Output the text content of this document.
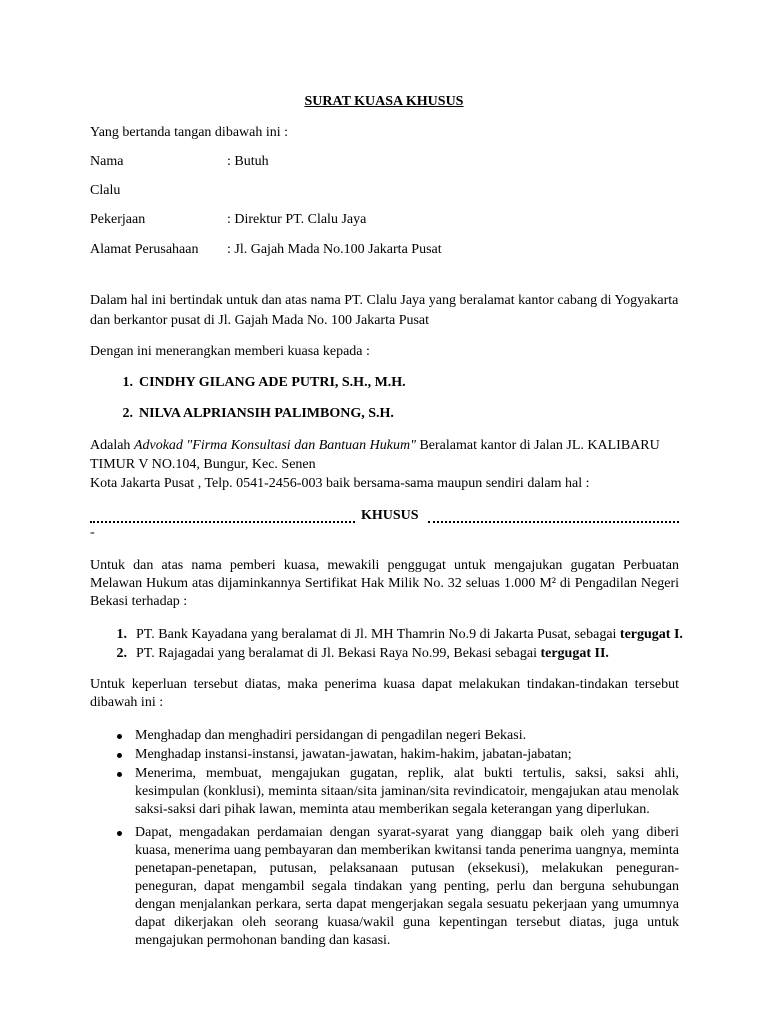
SURAT KUASA KHUSUS
Yang bertanda tangan dibawah ini :
Nama	: Butuh
Clalu
Pekerjaan	: Direktur PT. Clalu Jaya
Alamat Perusahaan : Jl. Gajah Mada No.100 Jakarta Pusat
Dalam hal ini bertindak untuk dan atas nama PT. Clalu Jaya yang beralamat kantor cabang di Yogyakarta
dan berkantor pusat di Jl. Gajah Mada No. 100 Jakarta Pusat
Dengan ini menerangkan memberi kuasa kepada :
1. CINDHY GILANG ADE PUTRI, S.H., M.H.
2. NILVA ALPRIANSIH PALIMBONG, S.H.
Adalah Advokad "Firma Konsultasi dan Bantuan Hukum" Beralamat kantor di Jalan JL. KALIBARU
TIMUR V NO.104, Bungur, Kec. Senen
Kota Jakarta Pusat , Telp. 0541-2456-003 baik bersama-sama maupun sendiri dalam hal :
KHUSUS
-
Untuk dan atas nama pemberi kuasa, mewakili penggugat untuk mengajukan gugatan Perbuatan Melawan Hukum atas dijaminkannya Sertifikat Hak Milik No. 32 seluas 1.000 M² di Pengadilan Negeri Bekasi terhadap :
1. PT. Bank Kayadana yang beralamat di Jl. MH Thamrin No.9 di Jakarta Pusat, sebagai tergugat I.
2. PT. Rajagadai yang beralamat di Jl. Bekasi Raya No.99, Bekasi sebagai tergugat II.
Untuk keperluan tersebut diatas, maka penerima kuasa dapat melakukan tindakan-tindakan tersebut dibawah ini :
Menghadap dan menghadiri persidangan di pengadilan negeri Bekasi.
Menghadap instansi-instansi, jawatan-jawatan, hakim-hakim, jabatan-jabatan;
Menerima, membuat, mengajukan gugatan, replik, alat bukti tertulis, saksi, saksi ahli, kesimpulan (konklusi), meminta sitaan/sita jaminan/sita revindicatoir, mengajukan atau menolak saksi-saksi dari pihak lawan, meminta atau memberikan segala keterangan yang diperlukan.
Dapat, mengadakan perdamaian dengan syarat-syarat yang dianggap baik oleh yang diberi kuasa, menerima uang pembayaran dan memberikan kwitansi tanda penerima uangnya, meminta penetapan-penetapan, putusan, pelaksanaan putusan (eksekusi), melakukan peneguran-peneguran, dapat mengambil segala tindakan yang penting, perlu dan berguna sehubungan dengan menjalankan perkara, serta dapat mengerjakan segala sesuatu pekerjaan yang umumnya dapat dikerjakan oleh seorang kuasa/wakil guna kepentingan tersebut diatas, juga untuk mengajukan permohonan banding dan kasasi.
